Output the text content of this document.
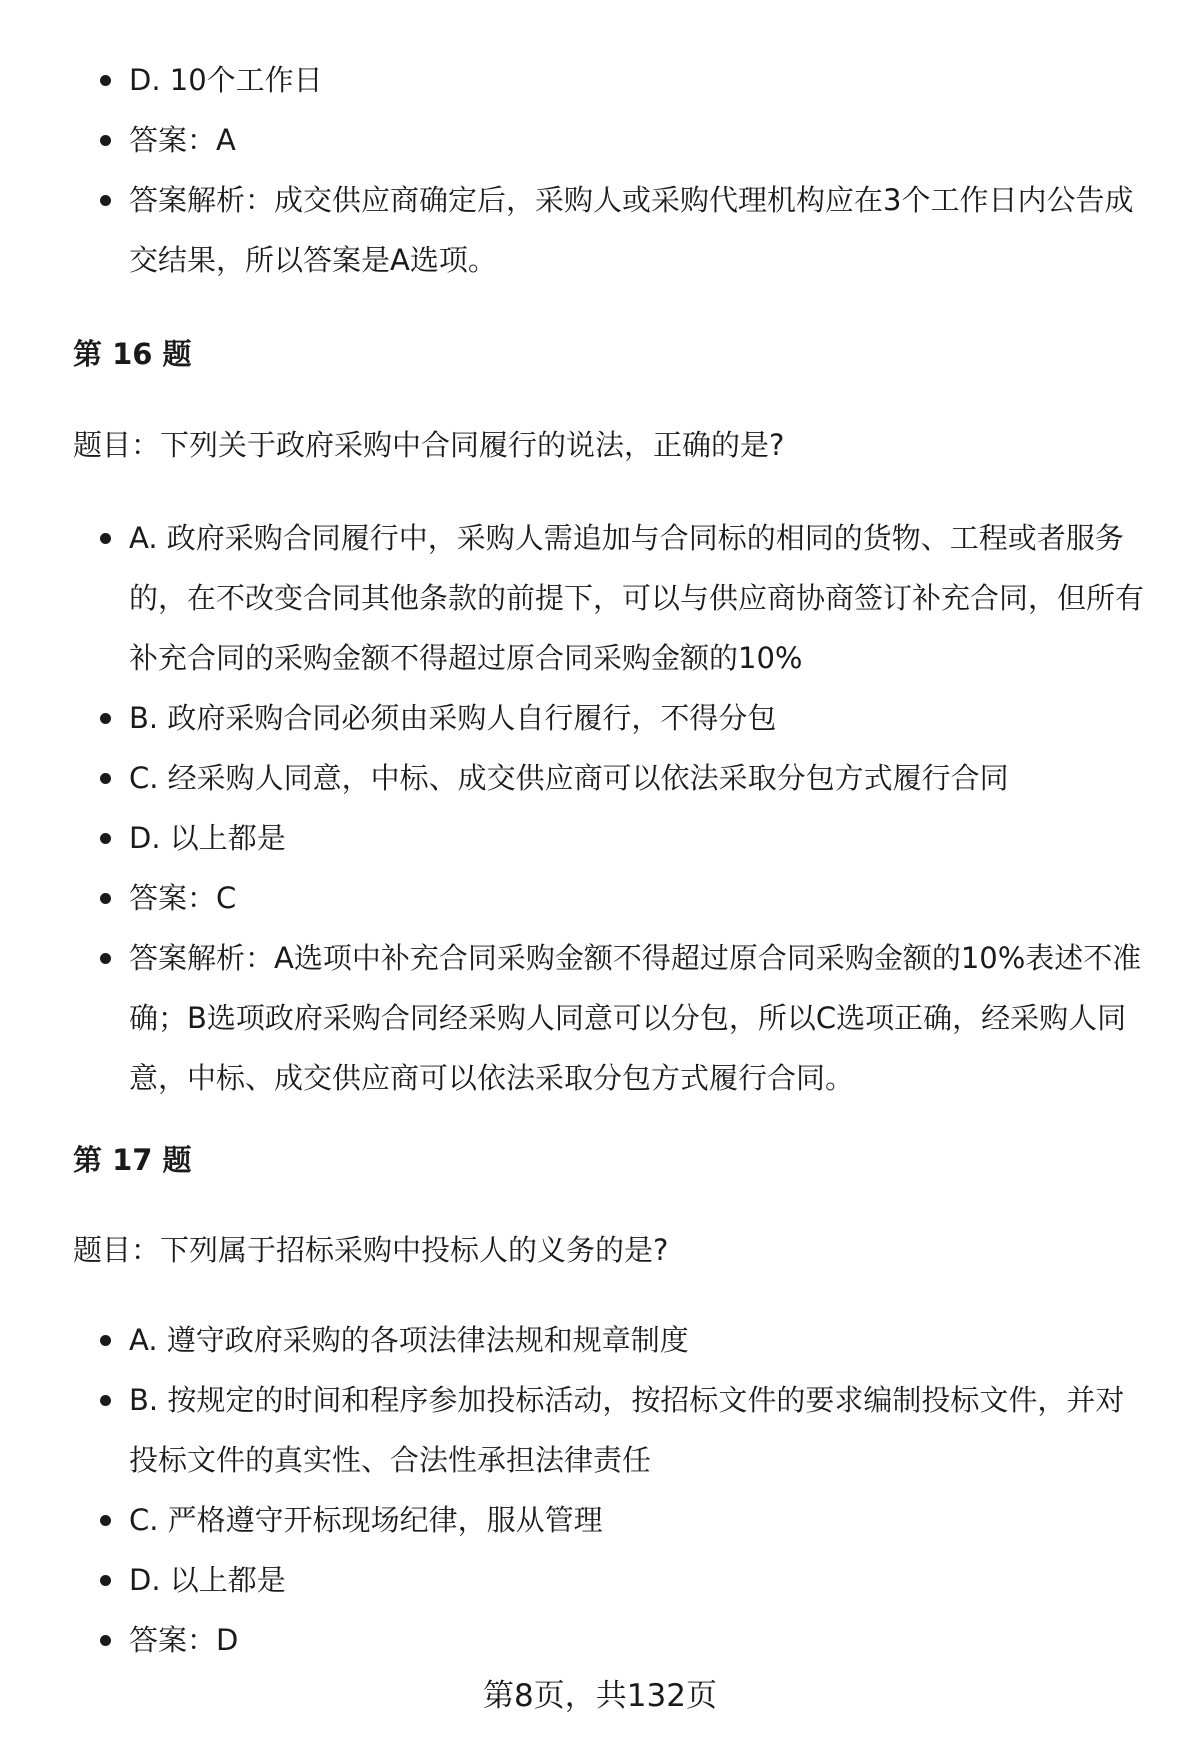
D. 10个工作日
答案：A
答案解析：成交供应商确定后，采购人或采购代理机构应在3个工作日内公告成交结果，所以答案是A选项。
第 16 题
题目：下列关于政府采购中合同履行的说法，正确的是?
A. 政府采购合同履行中，采购人需追加与合同标的相同的货物、工程或者服务的，在不改变合同其他条款的前提下，可以与供应商协商签订补充合同，但所有补充合同的采购金额不得超过原合同采购金额的10%
B. 政府采购合同必须由采购人自行履行，不得分包
C. 经采购人同意，中标、成交供应商可以依法采取分包方式履行合同
D. 以上都是
答案：C
答案解析：A选项中补充合同采购金额不得超过原合同采购金额的10%表述不准确；B选项政府采购合同经采购人同意可以分包，所以C选项正确，经采购人同意，中标、成交供应商可以依法采取分包方式履行合同。
第 17 题
题目：下列属于招标采购中投标人的义务的是?
A. 遵守政府采购的各项法律法规和规章制度
B. 按规定的时间和程序参加投标活动，按招标文件的要求编制投标文件，并对投标文件的真实性、合法性承担法律责任
C. 严格遵守开标现场纪律，服从管理
D. 以上都是
答案：D
第8页，共132页
